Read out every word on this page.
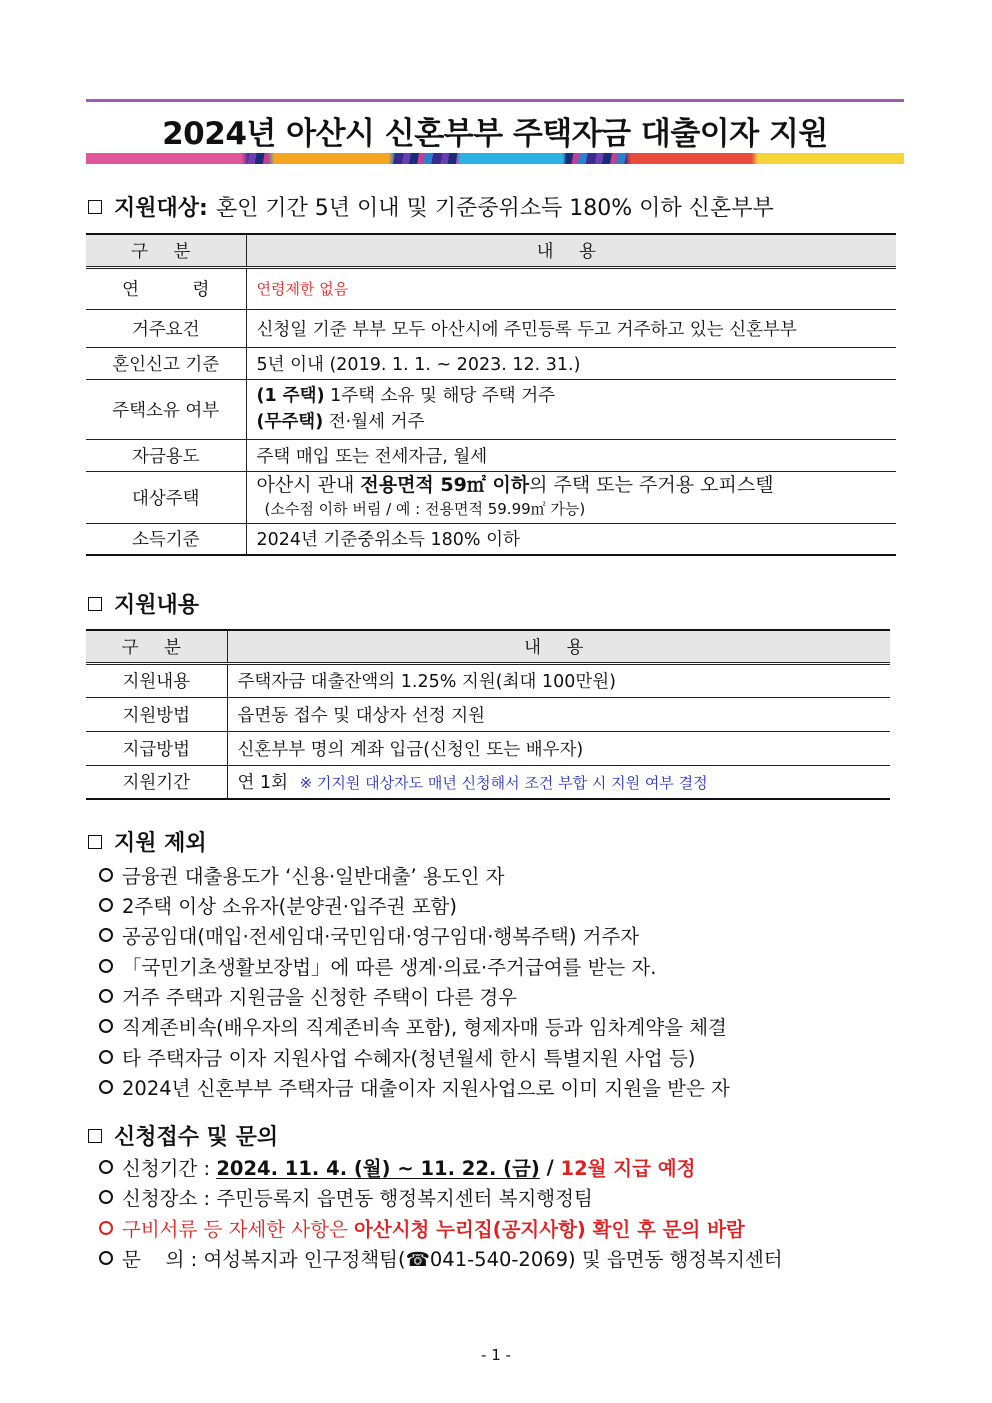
2024년 아산시 신혼부부 주택자금 대출이자 지원
지원대상: 혼인 기간 5년 이내 및 기준중위소득 180% 이하 신혼부부
구 분	내 용
연 령	연령제한 없음
거주요건	신청일 기준 부부 모두 아산시에 주민등록 두고 거주하고 있는 신혼부부
혼인신고 기준	5년 이내 (2019. 1. 1. ~ 2023. 12. 31.)
주택소유 여부	(1 주택) 1주택 소유 및 해당 주택 거주
(무주택) 전·월세 거주

자금용도	주택 매입 또는 전세자금, 월세
대상주택	아산시 관내 전용면적 59㎡ 이하의 주택 또는 주거용 오피스텔
(소수점 이하 버림 / 예 : 전용면적 59.99㎡ 가능)

소득기준	2024년 기준중위소득 180% 이하
지원내용
구 분	내 용
지원내용	주택자금 대출잔액의 1.25% 지원(최대 100만원)
지원방법	읍면동 접수 및 대상자 선정 지원
지급방법	신혼부부 명의 계좌 입금(신청인 또는 배우자)
지원기간	연 1회 ※ 기지원 대상자도 매년 신청해서 조건 부합 시 지원 여부 결정
지원 제외
금융권 대출용도가 ‘신용·일반대출’ 용도인 자
2주택 이상 소유자(분양권·입주권 포함)
공공임대(매입·전세임대·국민임대·영구임대·행복주택) 거주자
「국민기초생활보장법」에 따른 생계·의료·주거급여를 받는 자.
거주 주택과 지원금을 신청한 주택이 다른 경우
직계존비속(배우자의 직계존비속 포함), 형제자매 등과 임차계약을 체결
타 주택자금 이자 지원사업 수혜자(청년월세 한시 특별지원 사업 등)
2024년 신혼부부 주택자금 대출이자 지원사업으로 이미 지원을 받은 자
신청접수 및 문의
신청기간 : 2024. 11. 4. (월) ~ 11. 22. (금) / 12월 지급 예정
신청장소 : 주민등록지 읍면동 행정복지센터 복지행정팀
구비서류 등 자세한 사항은 아산시청 누리집(공지사항) 확인 후 문의 바람
문    의 : 여성복지과 인구정책팀(☎041-540-2069) 및 읍면동 행정복지센터
- 1 -
